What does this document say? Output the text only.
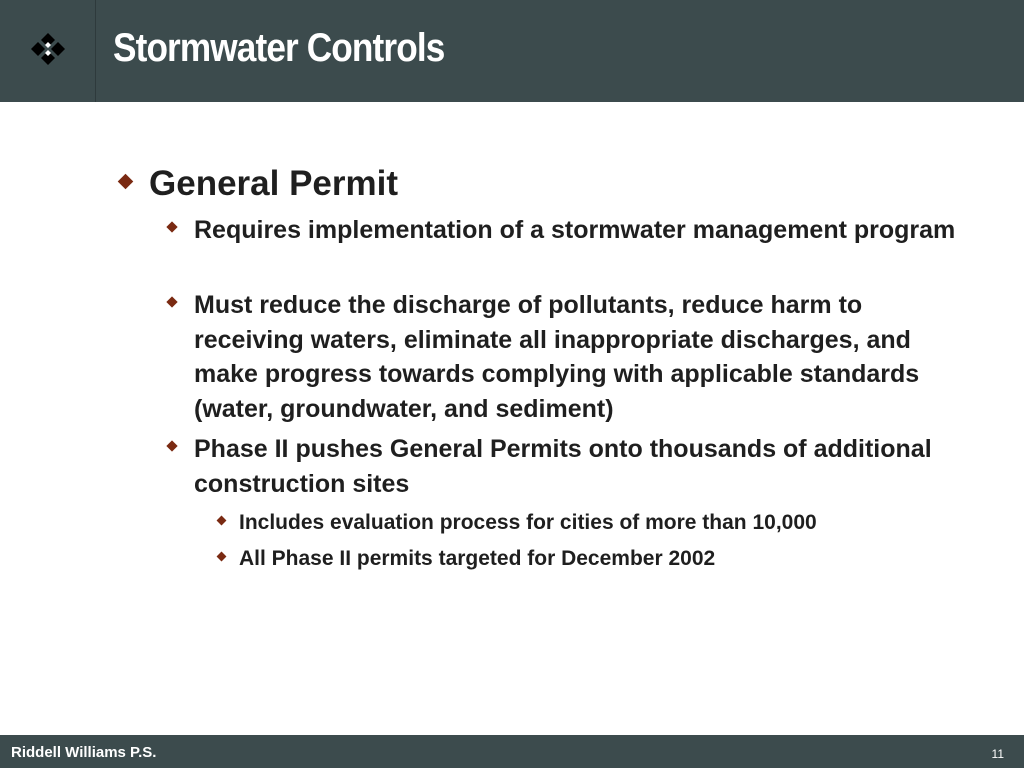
Stormwater Controls
General Permit
Requires implementation of a stormwater management program
Must reduce the discharge of pollutants, reduce harm to receiving waters, eliminate all inappropriate discharges, and make progress towards complying with applicable standards (water, groundwater, and sediment)
Phase II pushes General Permits onto thousands of additional construction sites
Includes evaluation process for cities of more than 10,000
All Phase II permits targeted for December 2002
Riddell Williams P.S.	11
